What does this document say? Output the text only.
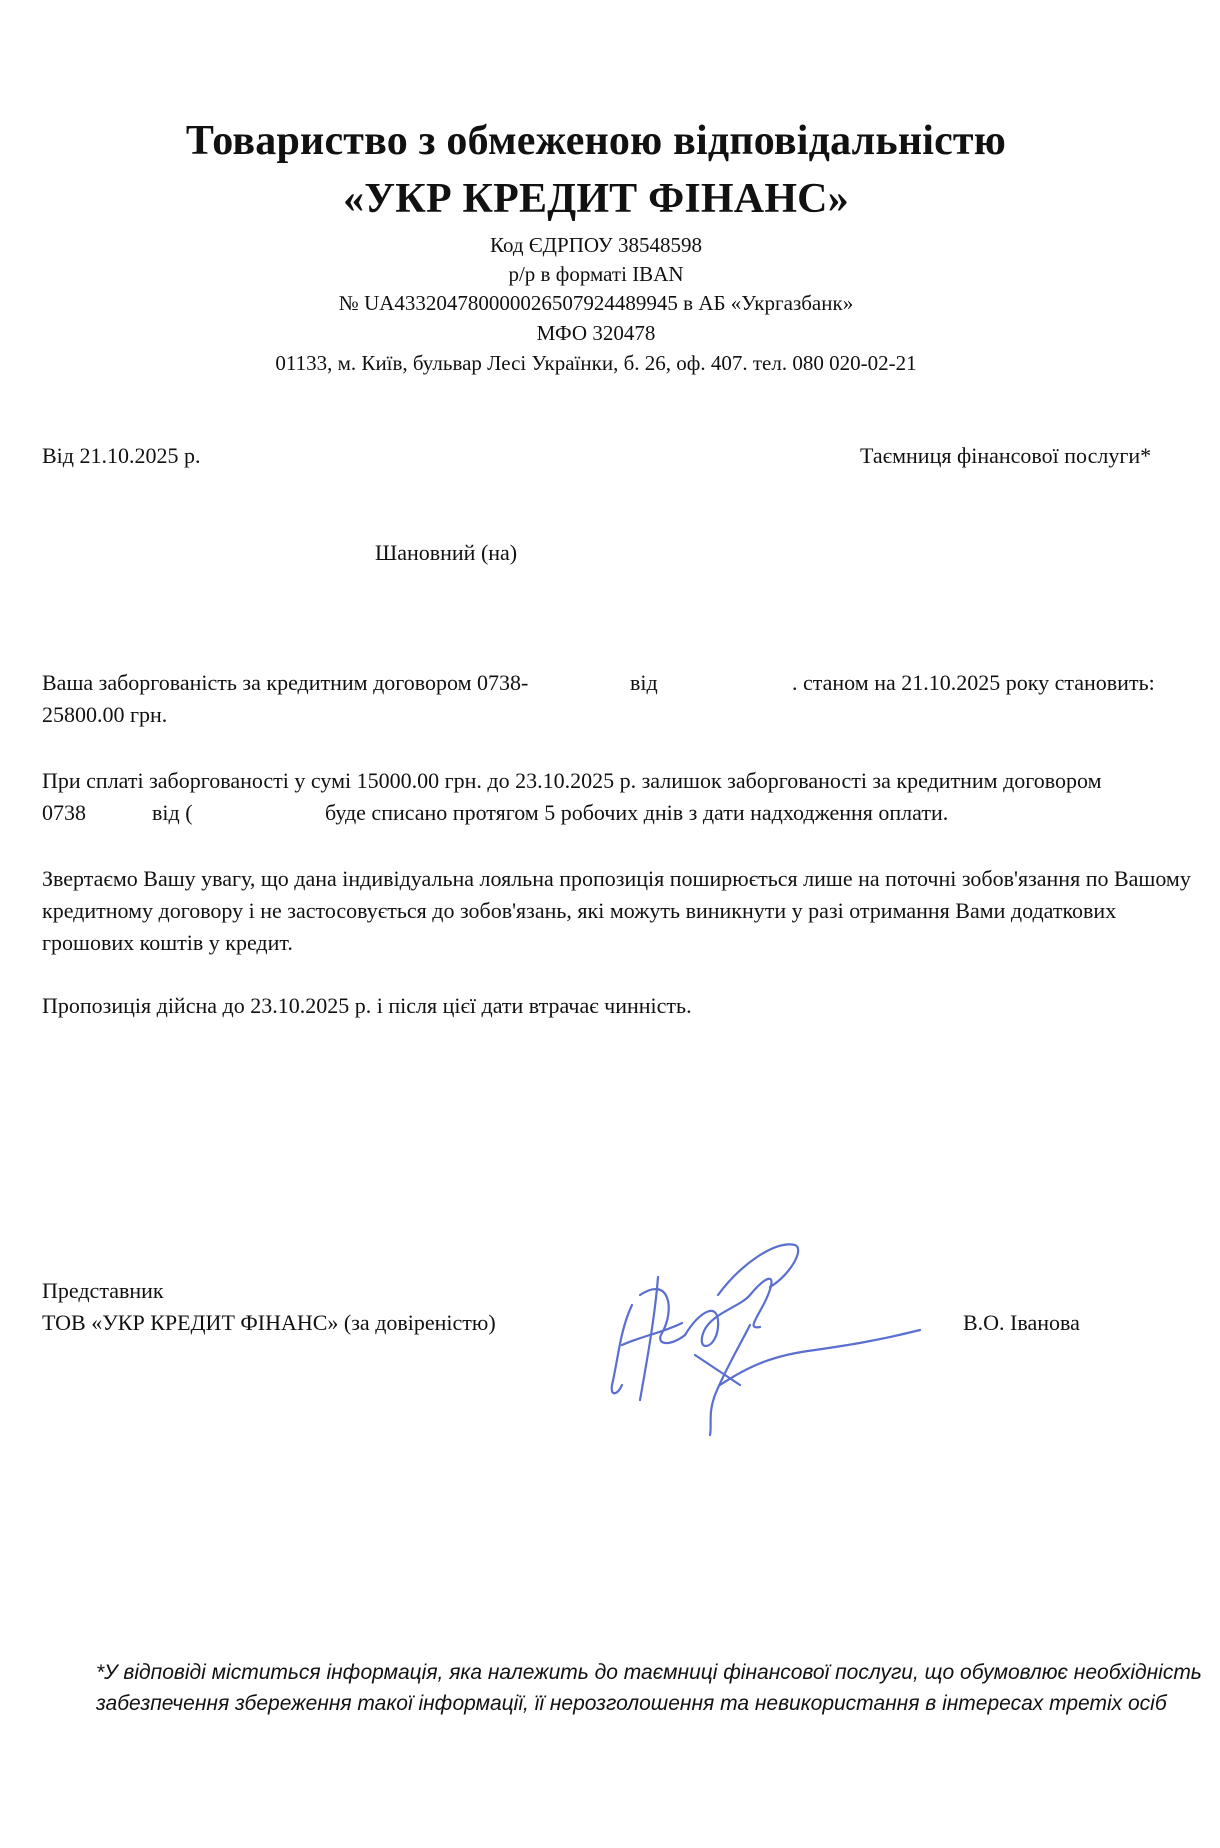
Товариство з обмеженою відповідальністю
«УКР КРЕДИТ ФІНАНС»
Код ЄДРПОУ 38548598
р/р в форматі IBAN
№ UA433204780000026507924489945 в АБ «Укргазбанк»
МФО 320478
01133, м. Київ, бульвар Лесі Українки, б. 26, оф. 407. тел. 080 020-02-21
Від 21.10.2025 р.	Таємниця фінансової послуги*
Шановний (на)
Ваша заборгованість за кредитним договором 0738-	від	. станом на 21.10.2025 року становить:
25800.00 грн.
При сплаті заборгованості у сумі 15000.00 грн. до 23.10.2025 р. залишок заборгованості за кредитним договором
0738	від (	буде списано протягом 5 робочих днів з дати надходження оплати.
Звертаємо Вашу увагу, що дана індивідуальна лояльна пропозиція поширюється лише на поточні зобов'язання по Вашому кредитному договору і не застосовується до зобов'язань, які можуть виникнути у разі отримання Вами додаткових грошових коштів у кредит.
Пропозиція дійсна до 23.10.2025 р. і після цієї дати втрачає чинність.
Представник
ТОВ «УКР КРЕДИТ ФІНАНС» (за довіреністю)	В.О. Іванова
*У відповіді міститься інформація, яка належить до таємниці фінансової послуги, що обумовлює необхідність забезпечення збереження такої інформації, її нерозголошення та невикористання в інтересах третіх осіб
